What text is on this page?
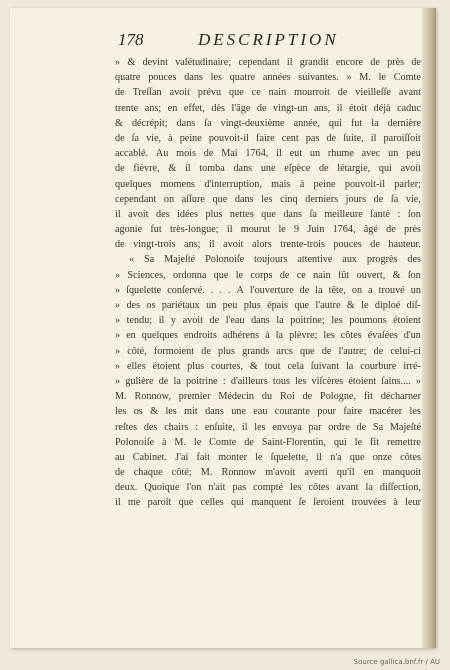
178	DESCRIPTION
» & devint valétudinaire; cependant il grandit encore de près de
quatre pouces dans les quatre années suivantes. » M. le Comte
de Treſſan avoit prévu que ce nain mourroit de vieilleſſe avant
trente ans; en effet, dès l'âge de vingt-un ans, il étoit déjà caduc
& décrépit; dans ſa vingt-deuxième année, qui fut la dernière
de ſa vie, à peine pouvoit-il faire cent pas de ſuite, il paroiſſoit
accablé. Au mois de Mai 1764, il eut un rhume avec un peu
de fièvre, & il tomba dans une eſpèce de létargie, qui avoit
quelques momens d'interruption, mais à peine pouvoit-il parler;
cependant on aſſure que dans les cinq derniers jours de ſa vie,
il avoit des idées plus nettes que dans ſa meilleure ſanté : ſon
agonie fut très-longue; il mourut le 9 Juin 1764, âgé de près
de vingt-trois ans; il avoit alors trente-trois pouces de hauteur.
« Sa Majeſté Polonoiſe toujours attentive aux progrès des
» Sciences, ordonna que le corps de ce nain fût ouvert, & ſon
» ſquelette conſervé. . . . A l'ouverture de la tête, on a trouvé un
» des os pariétaux un peu plus épais que l'autre & le diploé diſ-
» tendu; il y avoit de l'eau dans la poitrine; les poumons étoient
» en quelques endroits adhérens à la plèvre; les côtes évaſées d'un
» côté, formoient de plus grands arcs que de l'autre; de celui-ci
» elles étoient plus courtes, & tout cela ſuivant la courbure irré-
» gulière de la poitrine : d'ailleurs tous les viſcères étoient ſains.... »
M. Ronnow, premier Médecin du Roi de Pologne, fit décharner
les os & les mit dans une eau courante pour faire macérer les
reſtes des chairs : enſuite, il les envoya par ordre de Sa Majeſté
Polonoiſe à M. le Comte de Saint-Florentin, qui le fit remettre
au Cabinet. J'ai fait monter le ſquelette, il n'a que onze côtes
de chaque côté; M. Ronnow m'avoit averti qu'il en manquoit
deux. Quoique l'on n'ait pas compté les côtes avant la diſſection,
il me paroît que celles qui manquent ſe ſeroient trouvées à leur
Source gallica.bnf.fr / AU
